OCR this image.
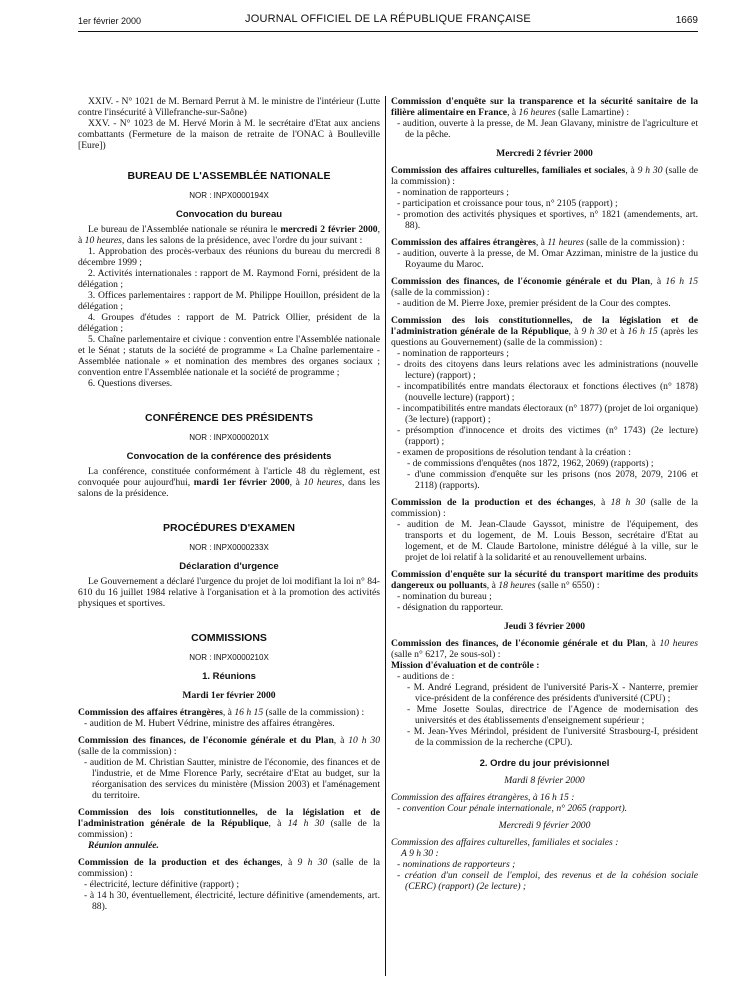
1er février 2000	JOURNAL OFFICIEL DE LA RÉPUBLIQUE FRANÇAISE	1669

XXIV. - N° 1021 de M. Bernard Perrut à M. le ministre de l'intérieur (Lutte contre l'insécurité à Villefranche-sur-Saône)

XXV. - N° 1023 de M. Hervé Morin à M. le secrétaire d'Etat aux anciens combattants (Fermeture de la maison de retraite de l'ONAC à Boulleville [Eure])

BUREAU DE L'ASSEMBLÉE NATIONALE
NOR : INPX0000194X
Convocation du bureau

Le bureau de l'Assemblée nationale se réunira le mercredi 2 février 2000, à 10 heures, dans les salons de la présidence, avec l'ordre du jour suivant :

1. Approbation des procès-verbaux des réunions du bureau du mercredi 8 décembre 1999 ;

2. Activités internationales : rapport de M. Raymond Forni, président de la délégation ;

3. Offices parlementaires : rapport de M. Philippe Houillon, président de la délégation ;

4. Groupes d'études : rapport de M. Patrick Ollier, président de la délégation ;

5. Chaîne parlementaire et civique : convention entre l'Assemblée nationale et le Sénat ; statuts de la société de programme « La Chaîne parlementaire - Assemblée nationale » et nomination des membres des organes sociaux ; convention entre l'Assemblée nationale et la société de programme ;

6. Questions diverses.

CONFÉRENCE DES PRÉSIDENTS
NOR : INPX0000201X
Convocation de la conférence des présidents

La conférence, constituée conformément à l'article 48 du règlement, est convoquée pour aujourd'hui, mardi 1er février 2000, à 10 heures, dans les salons de la présidence.

PROCÉDURES D'EXAMEN
NOR : INPX0000233X
Déclaration d'urgence

Le Gouvernement a déclaré l'urgence du projet de loi modifiant la loi n° 84-610 du 16 juillet 1984 relative à l'organisation et à la promotion des activités physiques et sportives.

COMMISSIONS
NOR : INPX0000210X
1. Réunions
Mardi 1er février 2000

Commission des affaires étrangères, à 16 h 15 (salle de la commission) :

- audition de M. Hubert Védrine, ministre des affaires étrangères.

Commission des finances, de l'économie générale et du Plan, à 10 h 30 (salle de la commission) :

- audition de M. Christian Sautter, ministre de l'économie, des finances et de l'industrie, et de Mme Florence Parly, secrétaire d'Etat au budget, sur la réorganisation des services du ministère (Mission 2003) et l'aménagement du territoire.

Commission des lois constitutionnelles, de la législation et de l'administration générale de la République, à 14 h 30 (salle de la commission) :

Réunion annulée.

Commission de la production et des échanges, à 9 h 30 (salle de la commission) :

- électricité, lecture définitive (rapport) ;

- à 14 h 30, éventuellement, électricité, lecture définitive (amendements, art. 88).

Commission d'enquête sur la transparence et la sécurité sanitaire de la filière alimentaire en France, à 16 heures (salle Lamartine) :

- audition, ouverte à la presse, de M. Jean Glavany, ministre de l'agriculture et de la pêche.

Mercredi 2 février 2000

Commission des affaires culturelles, familiales et sociales, à 9 h 30 (salle de la commission) :

- nomination de rapporteurs ;

- participation et croissance pour tous, n° 2105 (rapport) ;

- promotion des activités physiques et sportives, n° 1821 (amendements, art. 88).

Commission des affaires étrangères, à 11 heures (salle de la commission) :

- audition, ouverte à la presse, de M. Omar Azziman, ministre de la justice du Royaume du Maroc.

Commission des finances, de l'économie générale et du Plan, à 16 h 15 (salle de la commission) :

- audition de M. Pierre Joxe, premier président de la Cour des comptes.

Commission des lois constitutionnelles, de la législation et de l'administration générale de la République, à 9 h 30 et à 16 h 15 (après les questions au Gouvernement) (salle de la commission) :

- nomination de rapporteurs ;

- droits des citoyens dans leurs relations avec les administrations (nouvelle lecture) (rapport) ;

- incompatibilités entre mandats électoraux et fonctions électives (n° 1878) (nouvelle lecture) (rapport) ;

- incompatibilités entre mandats électoraux (n° 1877) (projet de loi organique) (3e lecture) (rapport) ;

- présomption d'innocence et droits des victimes (n° 1743) (2e lecture) (rapport) ;

- examen de propositions de résolution tendant à la création :

- de commissions d'enquêtes (nos 1872, 1962, 2069) (rapports) ;

- d'une commission d'enquête sur les prisons (nos 2078, 2079, 2106 et 2118) (rapports).

Commission de la production et des échanges, à 18 h 30 (salle de la commission) :

- audition de M. Jean-Claude Gayssot, ministre de l'équipement, des transports et du logement, de M. Louis Besson, secrétaire d'Etat au logement, et de M. Claude Bartolone, ministre délégué à la ville, sur le projet de loi relatif à la solidarité et au renouvellement urbains.

Commission d'enquête sur la sécurité du transport maritime des produits dangereux ou polluants, à 18 heures (salle n° 6550) :

- nomination du bureau ;

- désignation du rapporteur.

Jeudi 3 février 2000

Commission des finances, de l'économie générale et du Plan, à 10 heures (salle n° 6217, 2e sous-sol) :

Mission d'évaluation et de contrôle :

- auditions de :

- M. André Legrand, président de l'université Paris-X - Nanterre, premier vice-président de la conférence des présidents d'université (CPU) ;

- Mme Josette Soulas, directrice de l'Agence de modernisation des universités et des établissements d'enseignement supérieur ;

- M. Jean-Yves Mérindol, président de l'université Strasbourg-I, président de la commission de la recherche (CPU).

2. Ordre du jour prévisionnel
Mardi 8 février 2000

Commission des affaires étrangères, à 16 h 15 :

- convention Cour pénale internationale, n° 2065 (rapport).

Mercredi 9 février 2000

Commission des affaires culturelles, familiales et sociales :

A 9 h 30 :

- nominations de rapporteurs ;

- création d'un conseil de l'emploi, des revenus et de la cohésion sociale (CERC) (rapport) (2e lecture) ;
